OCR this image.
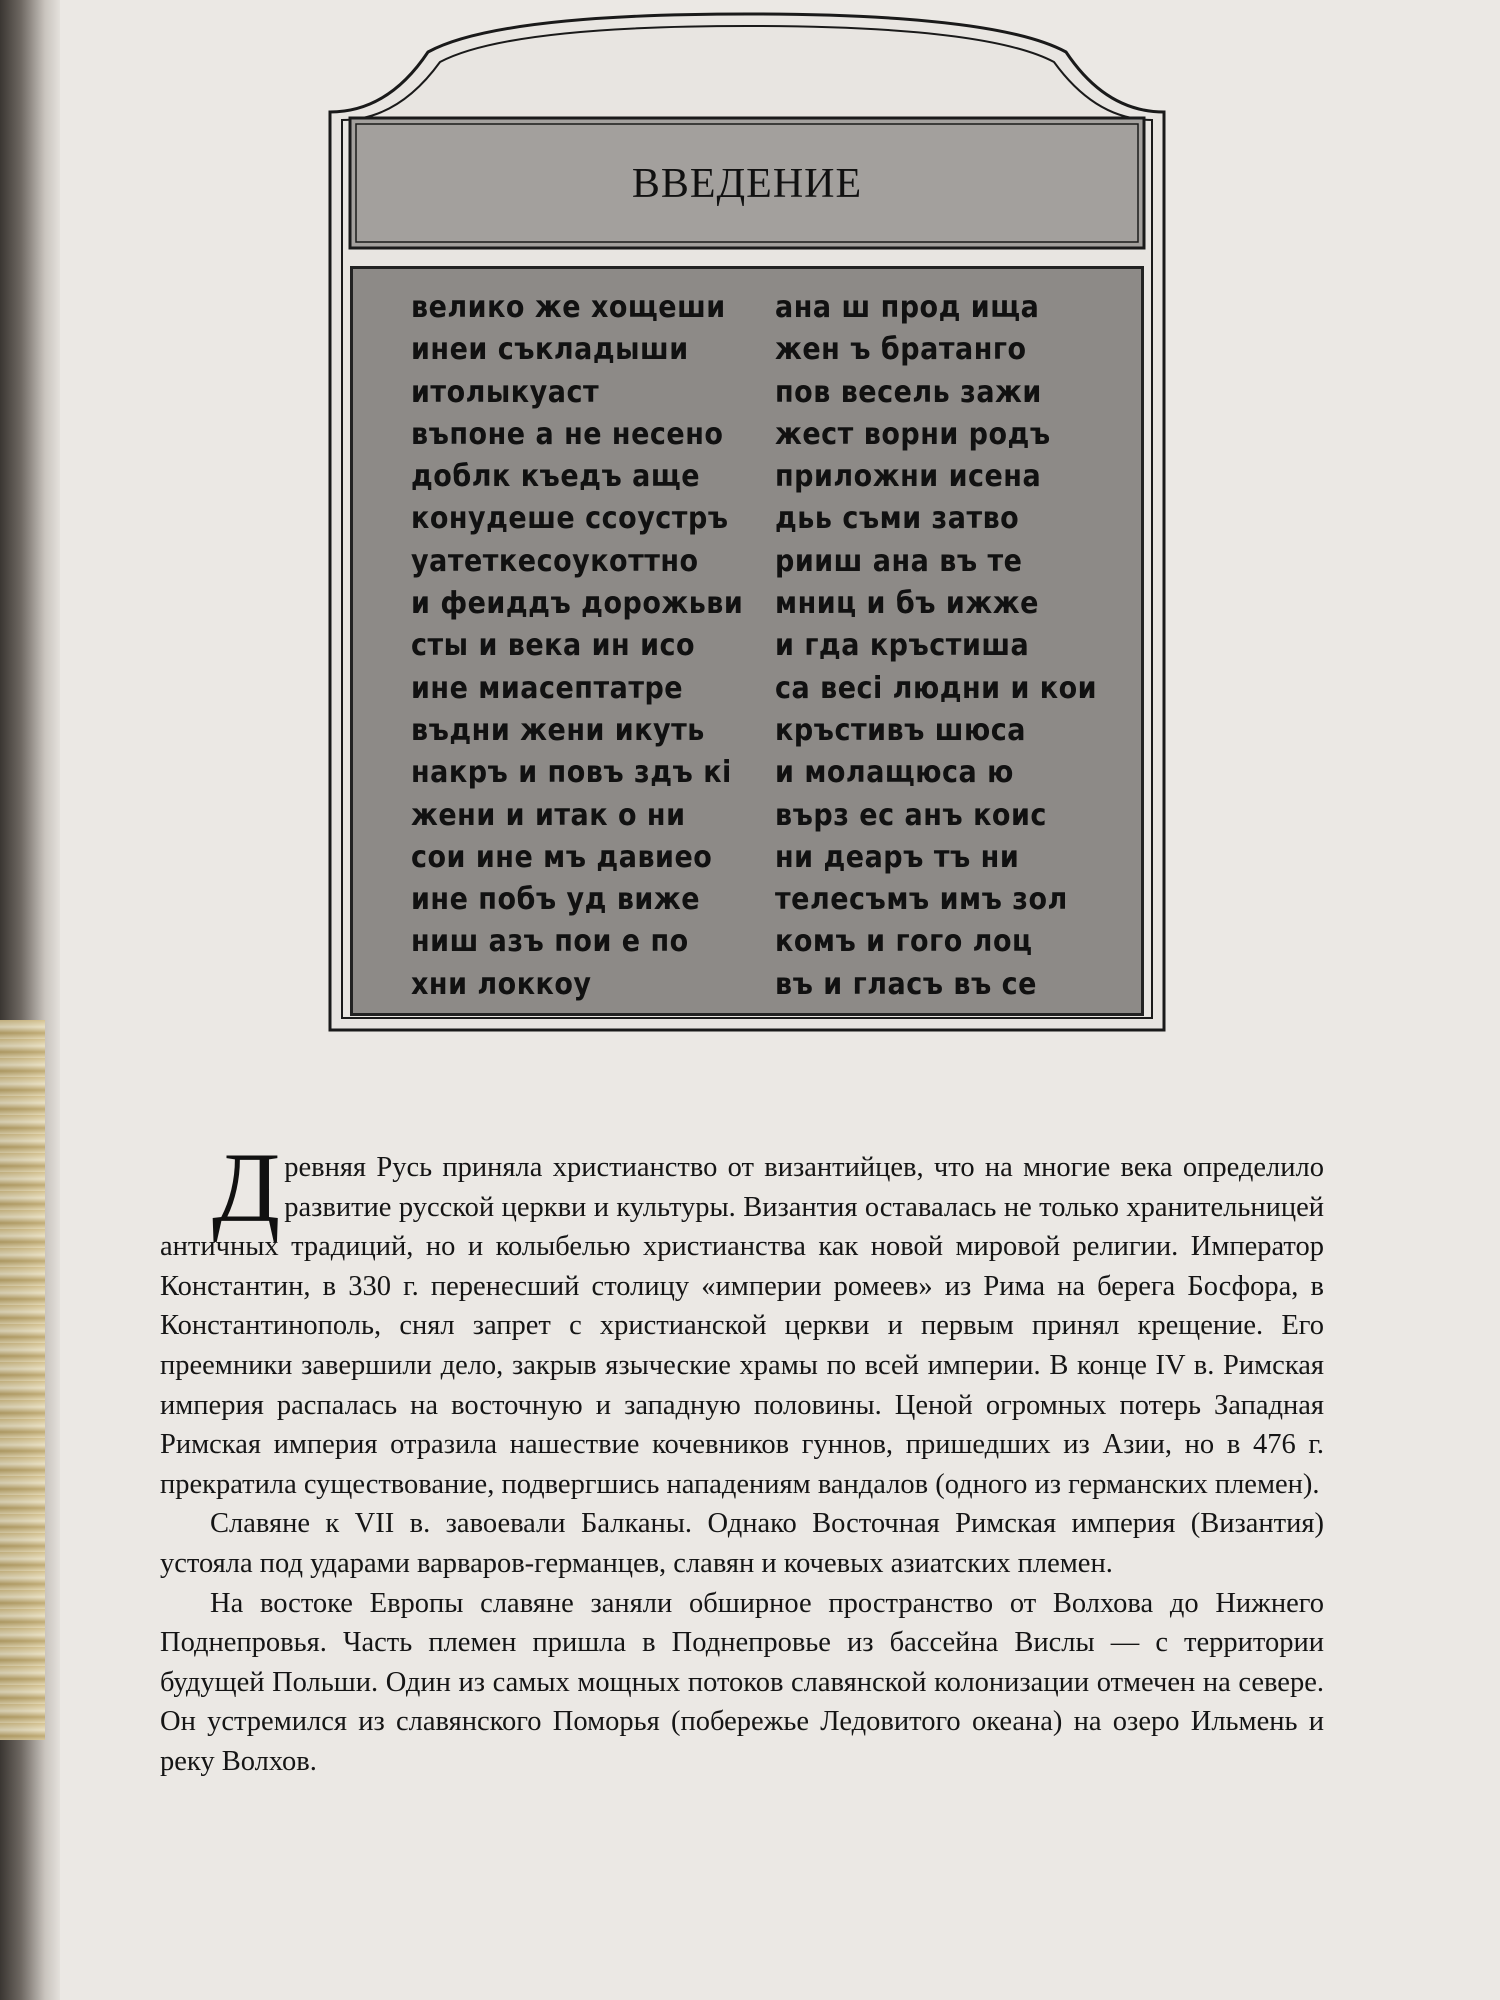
ВВЕДЕНИЕ
велико же хощеши
инеи съкладыши
итолыкуаст
въпоне а не несено
доблк къедъ аще
конудеше ссоустръ
уатеткесоукоттно
и феиддъ дорожьви
сты и века ин исо
ине миасептатре
въдни жени икуть
накръ и повъ здъ кі
жени и итак о ни
сои ине мъ давиео
ине побъ уд виже
ниш азъ пои е по
хни локкоу
ана ш прод ища
жен ъ братанго
пов весель зажи
жест ворни родъ
приложни исена
дьь съми затво
рииш ана въ те
мниц и бъ ижже
и гда кръстиша
са весі людни и кои
кръстивъ шюса
и молащюса ю
върз ес анъ коис
ни деаръ тъ ни
телесъмъ имъ зол
комъ и гого лоц
въ и гласъ въ се

Древняя Русь приняла христианство от византийцев, что на многие века определило развитие русской церкви и культуры. Византия оставалась не только хранительницей античных традиций, но и колыбелью христианства как новой мировой религии. Император Константин, в 330 г. перенесший столицу «империи ромеев» из Рима на берега Босфора, в Константинополь, снял запрет с христианской церкви и первым принял крещение. Его преемники завершили дело, закрыв языческие храмы по всей империи. В конце IV в. Римская империя распалась на восточную и западную половины. Ценой огромных потерь Западная Римская империя отразила нашествие кочевников гуннов, пришедших из Азии, но в 476 г. прекратила существование, подвергшись нападениям вандалов (одного из германских племен).

Славяне к VII в. завоевали Балканы. Однако Восточная Римская империя (Византия) устояла под ударами варваров-германцев, славян и кочевых азиатских племен.

На востоке Европы славяне заняли обширное пространство от Волхова до Нижнего Поднепровья. Часть племен пришла в Поднепровье из бассейна Вислы — с территории будущей Польши. Один из самых мощных потоков славянской колонизации отмечен на севере. Он устремился из славянского Поморья (побережье Ледовитого океана) на озеро Ильмень и реку Волхов.
